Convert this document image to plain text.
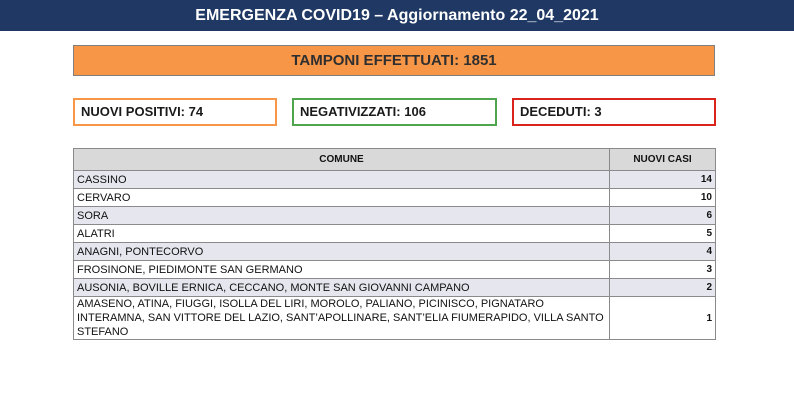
EMERGENZA COVID19 – Aggiornamento 22_04_2021
TAMPONI EFFETTUATI: 1851
NUOVI POSITIVI: 74	NEGATIVIZZATI: 106	DECEDUTI: 3
COMUNE	NUOVI CASI
CASSINO	14
CERVARO	10
SORA	6
ALATRI	5
ANAGNI, PONTECORVO	4
FROSINONE, PIEDIMONTE SAN GERMANO	3
AUSONIA, BOVILLE ERNICA, CECCANO, MONTE SAN GIOVANNI CAMPANO	2
AMASENO, ATINA, FIUGGI, ISOLLA DEL LIRI, MOROLO, PALIANO, PICINISCO, PIGNATARO INTERAMNA, SAN VITTORE DEL LAZIO, SANT’APOLLINARE, SANT’ELIA FIUMERAPIDO, VILLA SANTO STEFANO	1
